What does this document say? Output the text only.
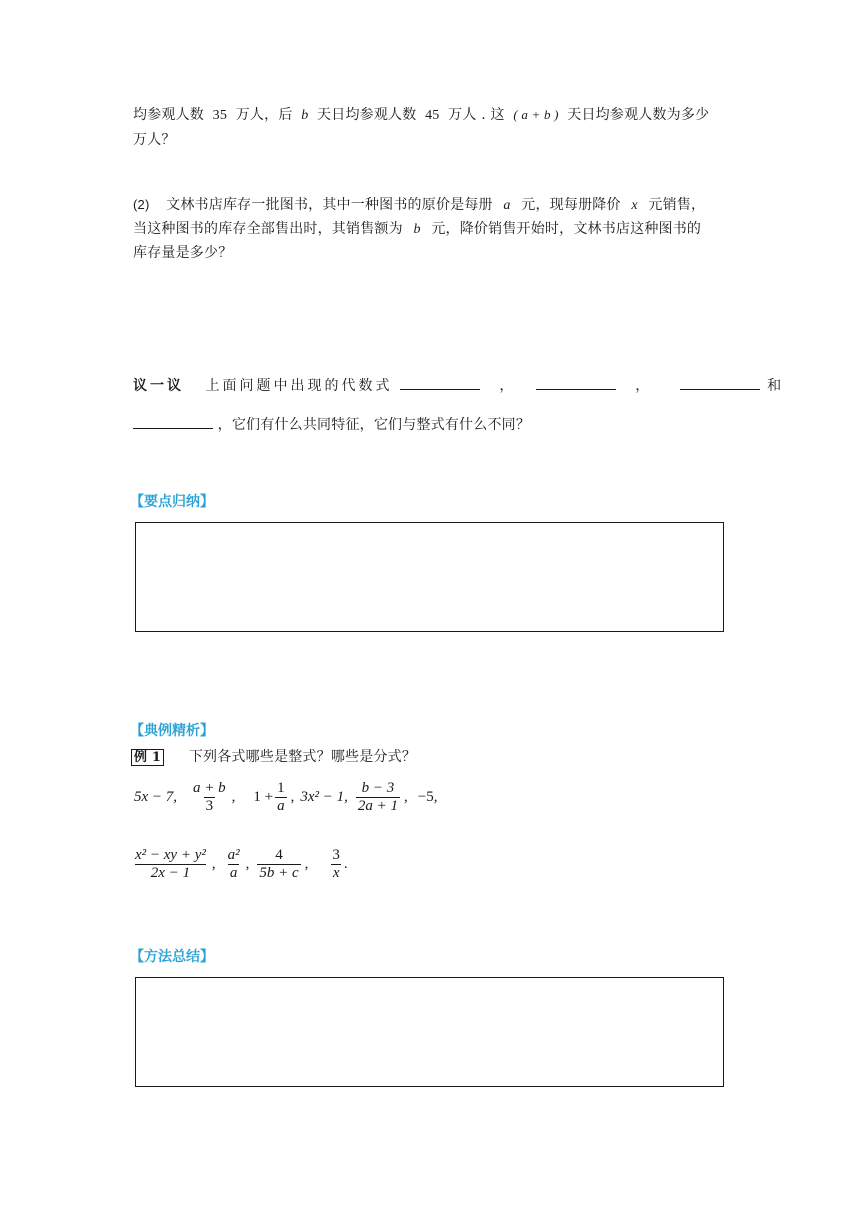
均参观人数 35 万人，后 b 天日均参观人数 45 万人 . 这 ( a + b ) 天日均参观人数为多少
万人？
(2) 文林书店库存一批图书，其中一种图书的原价是每册 a 元，现每册降价 x 元销售，
当这种图书的库存全部售出时，其销售额为 b 元，降价销售开始时，文林书店这种图书的
库存量是多少？
议一议 上面问题中出现的代数式	，	，	和
，它们有什么共同特征，它们与整式有什么不同？
【要点归纳】
【典例精析】
例 1 下列各式哪些是整式？哪些是分式？
5x − 7, $\frac{a + b}{3}$ , $1 + \frac{1}{a}$ , 3x² − 1, $\frac{b - 3}{2a + 1}$ , −5,
$\frac{\text{x² − xy + y²}}{2x - 1}$ , $\frac{\text{a²}}{a}$ , $\frac{4}{5b + c}$ , $\frac{3}{x}$ .
【方法总结】
